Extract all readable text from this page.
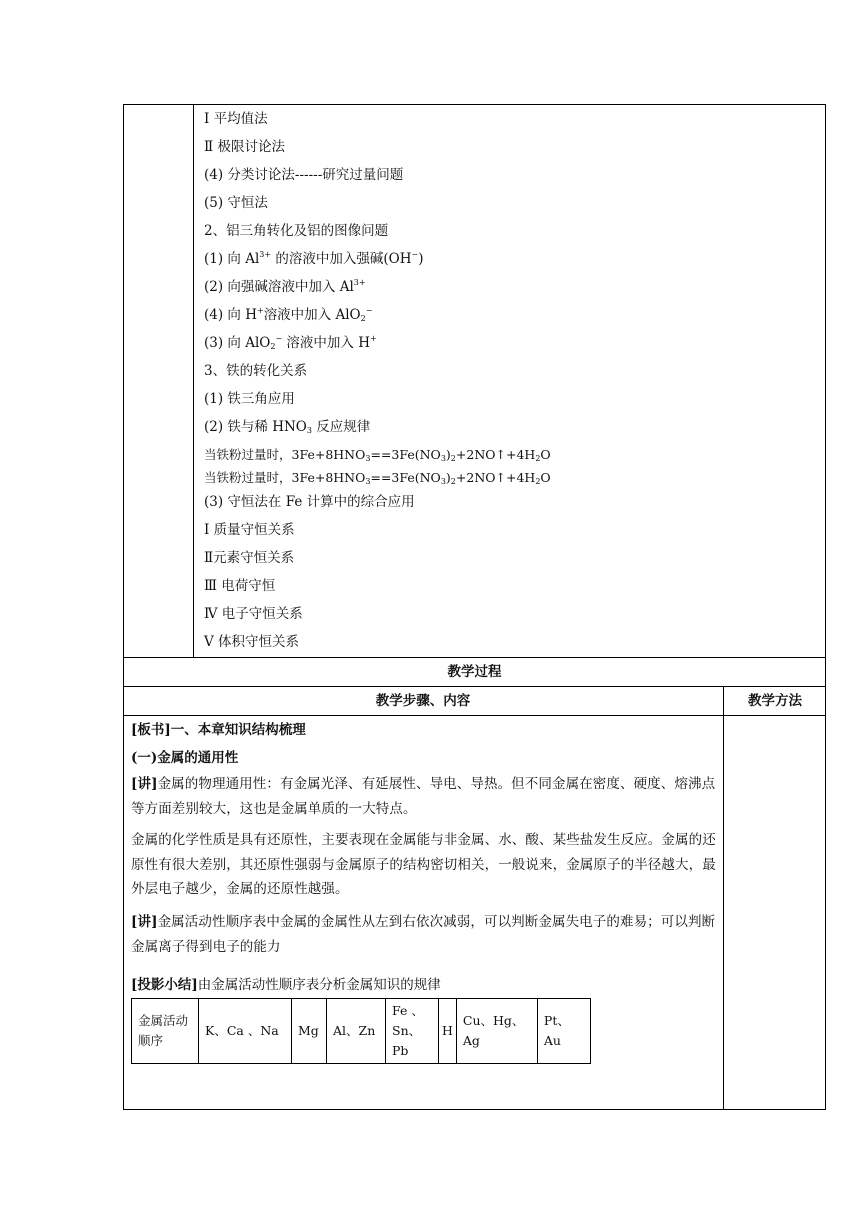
Ⅰ 平均值法
Ⅱ 极限讨论法
(4) 分类讨论法------研究过量问题
(5) 守恒法
2、铝三角转化及铝的图像问题
(1) 向 $Al^{3+}$ 的溶液中加入强碱(OH−)
(2) 向强碱溶液中加入 $Al^{3+}$
(4) 向 H+溶液中加入 AlO$_2$−
(3) 向 AlO$_2$− 溶液中加入 H+
3、铁的转化关系
(1) 铁三角应用
(2) 铁与稀 $HNO_3$ 反应规律
当铁粉过量时，$3Fe+8HNO_3==3Fe(NO_3)_2+2NO↑+4H_2O$
当铁粉过量时，$3Fe+8HNO_3==3Fe(NO_3)_2+2NO↑+4H_2O$
(3) 守恒法在 Fe 计算中的综合应用
Ⅰ 质量守恒关系
Ⅱ元素守恒关系
Ⅲ 电荷守恒
Ⅳ 电子守恒关系
Ⅴ 体积守恒关系
教学过程
教学步骤、内容	教学方法
[板书]一、本章知识结构梳理
(一)金属的通用性
[讲]金属的物理通用性：有金属光泽、有延展性、导电、导热。但不同金属在密度、硬度、熔沸点等方面差别较大，这也是金属单质的一大特点。
金属的化学性质是具有还原性，主要表现在金属能与非金属、水、酸、某些盐发生反应。金属的还原性有很大差别，其还原性强弱与金属原子的结构密切相关，一般说来，金属原子的半径越大，最外层电子越少，金属的还原性越强。
[讲]金属活动性顺序表中金属的金属性从左到右依次减弱，可以判断金属失电子的难易；可以判断金属离子得到电子的能力
[投影小结]由金属活动性顺序表分析金属知识的规律
金属活动顺序	K、Ca 、Na	Mg	Al、Zn	Fe 、Sn、Pb	H	Cu、Hg、Ag	Pt、Au
